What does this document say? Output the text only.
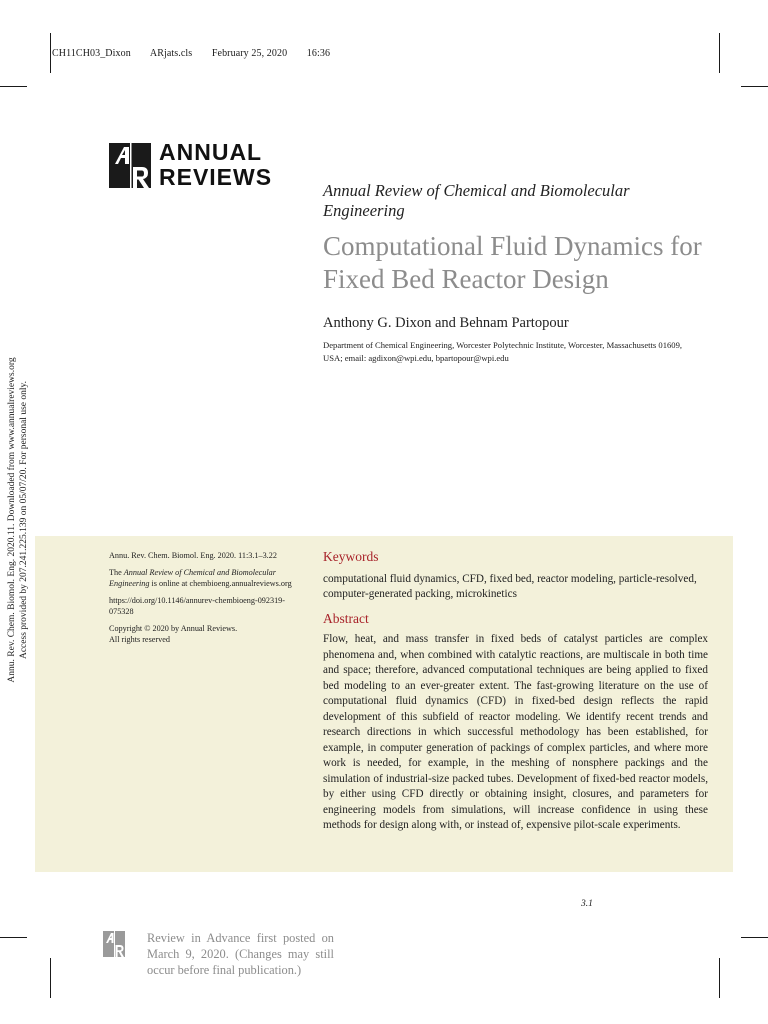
CH11CH03_Dixon ARjats.cls February 25, 2020 16:36
ANNUAL
REVIEWS
Annual Review of Chemical and Biomolecular Engineering
Computational Fluid Dynamics for Fixed Bed Reactor Design
Anthony G. Dixon and Behnam Partopour
Department of Chemical Engineering, Worcester Polytechnic Institute, Worcester, Massachusetts 01609, USA; email: agdixon@wpi.edu, bpartopour@wpi.edu
Annu. Rev. Chem. Biomol. Eng. 2020.11. Downloaded from www.annualreviews.org Access provided by 207.241.225.139 on 05/07/20. For personal use only.	Annu. Rev. Chem. Biomol. Eng. 2020. 11:3.1–3.22

The Annual Review of Chemical and Biomolecular Engineering is online at chembioeng.annualreviews.org

https://doi.org/10.1146/annurev-chembioeng-092319-075328

Copyright © 2020 by Annual Reviews.
All rights reserved

Keywords
computational fluid dynamics, CFD, fixed bed, reactor modeling, particle-resolved, computer-generated packing, microkinetics
Abstract
Flow, heat, and mass transfer in fixed beds of catalyst particles are complex phenomena and, when combined with catalytic reactions, are multiscale in both time and space; therefore, advanced computational techniques are being applied to fixed bed modeling to an ever-greater extent. The fast-growing literature on the use of computational fluid dynamics (CFD) in fixed-bed design reflects the rapid development of this subfield of reactor modeling. We identify recent trends and research directions in which successful methodology has been established, for example, in computer generation of packings of complex particles, and where more work is needed, for example, in the meshing of nonsphere packings and the simulation of industrial-size packed tubes. Development of fixed-bed reactor models, by either using CFD directly or obtaining insight, closures, and parameters for engineering models from simulations, will increase confidence in using these methods for design along with, or instead of, expensive pilot-scale experiments.
3.1
Review in Advance first posted on March 9, 2020. (Changes may still occur before final publication.)
